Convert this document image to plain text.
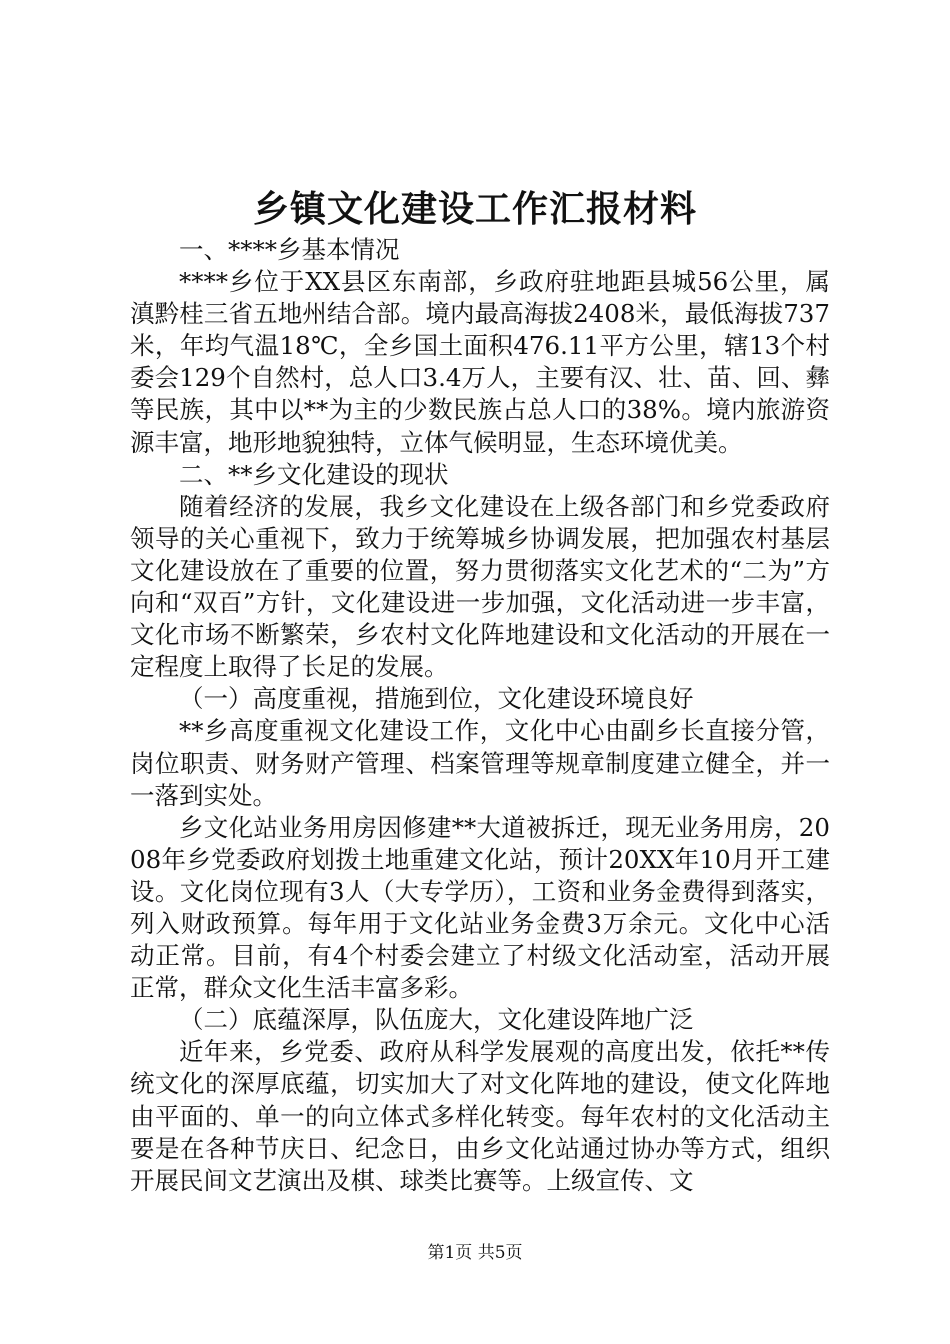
乡镇文化建设工作汇报材料

一、****乡基本情况

****乡位于XX县区东南部，乡政府驻地距县城56公里，属滇黔桂三省五地州结合部。境内最高海拔2408米，最低海拔737米，年均气温18℃，全乡国土面积476.11平方公里，辖13个村委会129个自然村，总人口3.4万人，主要有汉、壮、苗、回、彝等民族，其中以**为主的少数民族占总人口的38%。境内旅游资源丰富，地形地貌独特，立体气候明显，生态环境优美。

二、**乡文化建设的现状

随着经济的发展，我乡文化建设在上级各部门和乡党委政府领导的关心重视下，致力于统筹城乡协调发展，把加强农村基层文化建设放在了重要的位置，努力贯彻落实文化艺术的“二为”方向和“双百”方针，文化建设进一步加强，文化活动进一步丰富，文化市场不断繁荣，乡农村文化阵地建设和文化活动的开展在一定程度上取得了长足的发展。

（一）高度重视，措施到位，文化建设环境良好

**乡高度重视文化建设工作，文化中心由副乡长直接分管，岗位职责、财务财产管理、档案管理等规章制度建立健全，并一一落到实处。

乡文化站业务用房因修建**大道被拆迁，现无业务用房，2008年乡党委政府划拨土地重建文化站，预计20XX年10月开工建设。文化岗位现有3人（大专学历），工资和业务金费得到落实，列入财政预算。每年用于文化站业务金费3万余元。文化中心活动正常。目前，有4个村委会建立了村级文化活动室，活动开展正常，群众文化生活丰富多彩。

（二）底蕴深厚，队伍庞大，文化建设阵地广泛

近年来，乡党委、政府从科学发展观的高度出发，依托**传统文化的深厚底蕴，切实加大了对文化阵地的建设，使文化阵地由平面的、单一的向立体式多样化转变。每年农村的文化活动主要是在各种节庆日、纪念日，由乡文化站通过协办等方式，组织开展民间文艺演出及棋、球类比赛等。上级宣传、文

第1页 共5页
